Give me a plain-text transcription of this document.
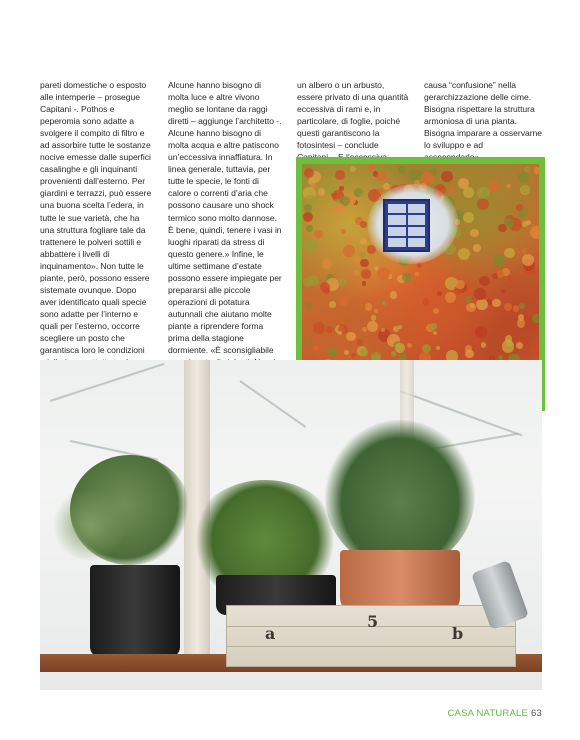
pareti domestiche o esposto alle intemperie – prosegue Capitani -. Pothos e peperomia sono adatte a svolgere il compito di filtro e ad assorbire tutte le sostanze nocive emesse dalle superfici casalinghe e gli inquinanti provenienti dall’esterno. Per giardini e terrazzi, può essere una buona scelta l’edera, in tutte le sue varietà, che ha una struttura fogliare tale da trattenere le polveri sottili e abbattere i livelli di inquinamento». Non tutte le piante, però, possono essere sistemate ovunque. Dopo aver identificato quali specie sono adatte per l’interno e quali per l’esterno, occorre scegliere un posto che garantisca loro le condizioni

Alcune hanno bisogno di molta luce e altre vivono meglio se lontane da raggi diretti – aggiunge l’architetto -. Alcune hanno bisogno di molta acqua e altre patiscono un’eccessiva innaffiatura. In linea generale, tuttavia, per tutte le specie, le fonti di calore o correnti d’aria che possono causare uno shock termico sono molto dannose. È bene, quindi, tenere i vasi in luoghi riparati da stress di questo genere.» Infine, le ultime settimane d’estate possono essere impiegate per prepararsi alle piccole operazioni di potatura autunnali che aiutano molte piante a riprendere forma prima della stagione dormiente. «È sconsigliabile

un albero o un arbusto, essere privato di una quantità eccessiva di rami e, in particolare, di foglie, poiché questi garantiscono la fotosintesi – conclude

causa “confusione” nella gerarchizzazione delle cime. Bisogna rispettare la struttura armoniosa di una pianta. Bisogna imparare a osservarne lo sviluppo e ad

a
5
b
CASA NATURALE 63
